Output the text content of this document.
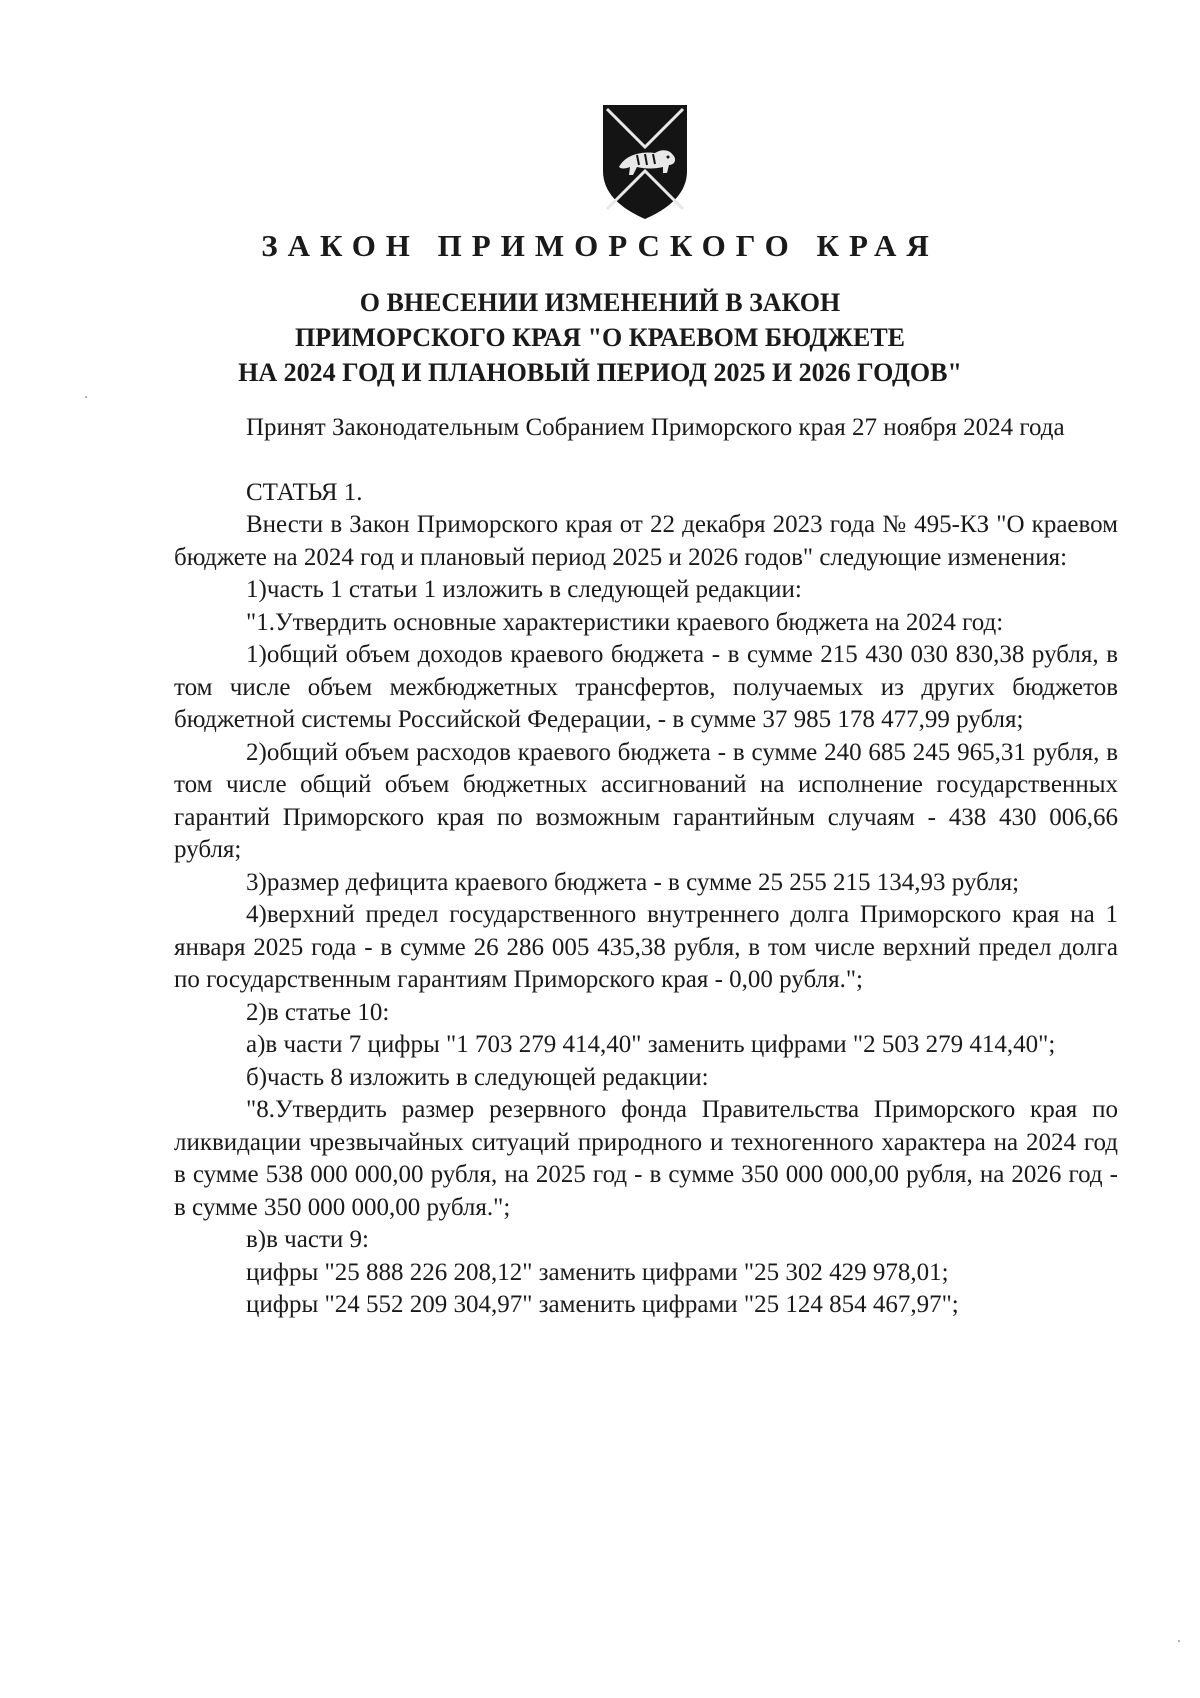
ЗАКОН ПРИМОРСКОГО КРАЯ
О ВНЕСЕНИИ ИЗМЕНЕНИЙ В ЗАКОН
ПРИМОРСКОГО КРАЯ "О КРАЕВОМ БЮДЖЕТЕ
НА 2024 ГОД И ПЛАНОВЫЙ ПЕРИОД 2025 И 2026 ГОДОВ"

Принят Законодательным Собранием Приморского края 27 ноября 2024 года

СТАТЬЯ 1.

Внести в Закон Приморского края от 22 декабря 2023 года № 495-КЗ "О краевом бюджете на 2024 год и плановый период 2025 и 2026 годов" следующие изменения:

1)часть 1 статьи 1 изложить в следующей редакции:

"1.Утвердить основные характеристики краевого бюджета на 2024 год:

1)общий объем доходов краевого бюджета - в сумме 215 430 030 830,38 рубля, в том числе объем межбюджетных трансфертов, получаемых из других бюджетов бюджетной системы Российской Федерации, - в сумме 37 985 178 477,99 рубля;

2)общий объем расходов краевого бюджета - в сумме 240 685 245 965,31 рубля, в том числе общий объем бюджетных ассигнований на исполнение государственных гарантий Приморского края по возможным гарантийным случаям - 438 430 006,66 рубля;

3)размер дефицита краевого бюджета - в сумме 25 255 215 134,93 рубля;

4)верхний предел государственного внутреннего долга Приморского края на 1 января 2025 года - в сумме 26 286 005 435,38 рубля, в том числе верхний предел долга по государственным гарантиям Приморского края - 0,00 рубля.";

2)в статье 10:

а)в части 7 цифры "1 703 279 414,40" заменить цифрами "2 503 279 414,40";

б)часть 8 изложить в следующей редакции:

"8.Утвердить размер резервного фонда Правительства Приморского края по ликвидации чрезвычайных ситуаций природного и техногенного характера на 2024 год в сумме 538 000 000,00 рубля, на 2025 год - в сумме 350 000 000,00 рубля, на 2026 год - в сумме 350 000 000,00 рубля.";

в)в части 9:

цифры "25 888 226 208,12" заменить цифрами "25 302 429 978,01;

цифры "24 552 209 304,97" заменить цифрами "25 124 854 467,97";
